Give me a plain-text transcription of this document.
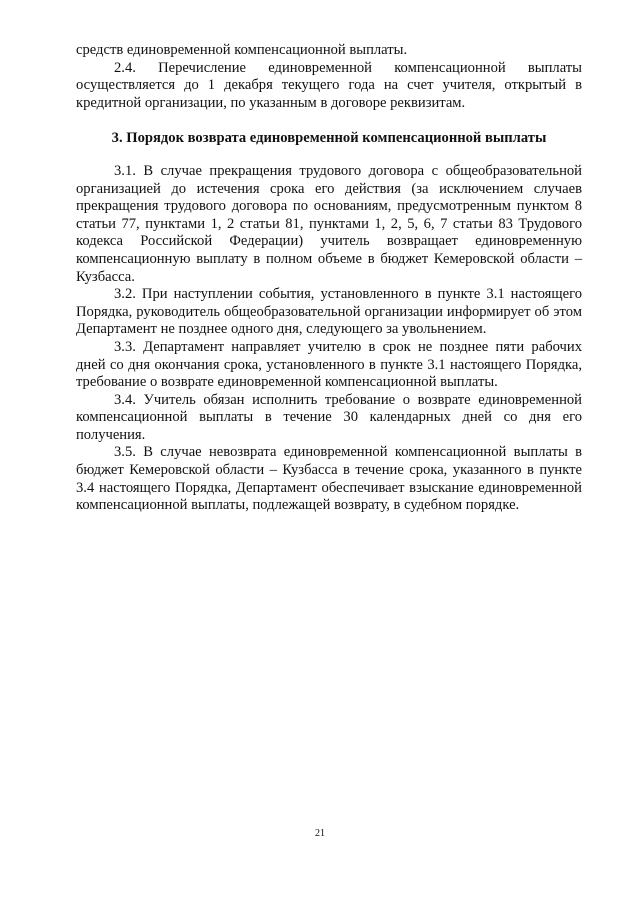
средств единовременной компенсационной выплаты.

2.4. Перечисление единовременной компенсационной выплаты осуществляется до 1 декабря текущего года на счет учителя, открытый в кредитной организации, по указанным в договоре реквизитам.

3. Порядок возврата единовременной компенсационной выплаты

3.1. В случае прекращения трудового договора с общеобразовательной организацией до истечения срока его действия (за исключением случаев прекращения трудового договора по основаниям, предусмотренным пунктом 8 статьи 77, пунктами 1, 2 статьи 81, пунктами 1, 2, 5, 6, 7 статьи 83 Трудового кодекса Российской Федерации) учитель возвращает единовременную компенсационную выплату в полном объеме в бюджет Кемеровской области – Кузбасса.

3.2. При наступлении события, установленного в пункте 3.1 настоящего Порядка, руководитель общеобразовательной организации информирует об этом Департамент не позднее одного дня, следующего за увольнением.

3.3. Департамент направляет учителю в срок не позднее пяти рабочих дней со дня окончания срока, установленного в пункте 3.1 настоящего Порядка, требование о возврате единовременной компенсационной выплаты.

3.4. Учитель обязан исполнить требование о возврате единовременной компенсационной выплаты в течение 30 календарных дней со дня его получения.

3.5. В случае невозврата единовременной компенсационной выплаты в бюджет Кемеровской области – Кузбасса в течение срока, указанного в пункте 3.4 настоящего Порядка, Департамент обеспечивает взыскание единовременной компенсационной выплаты, подлежащей возврату, в судебном порядке.

21
